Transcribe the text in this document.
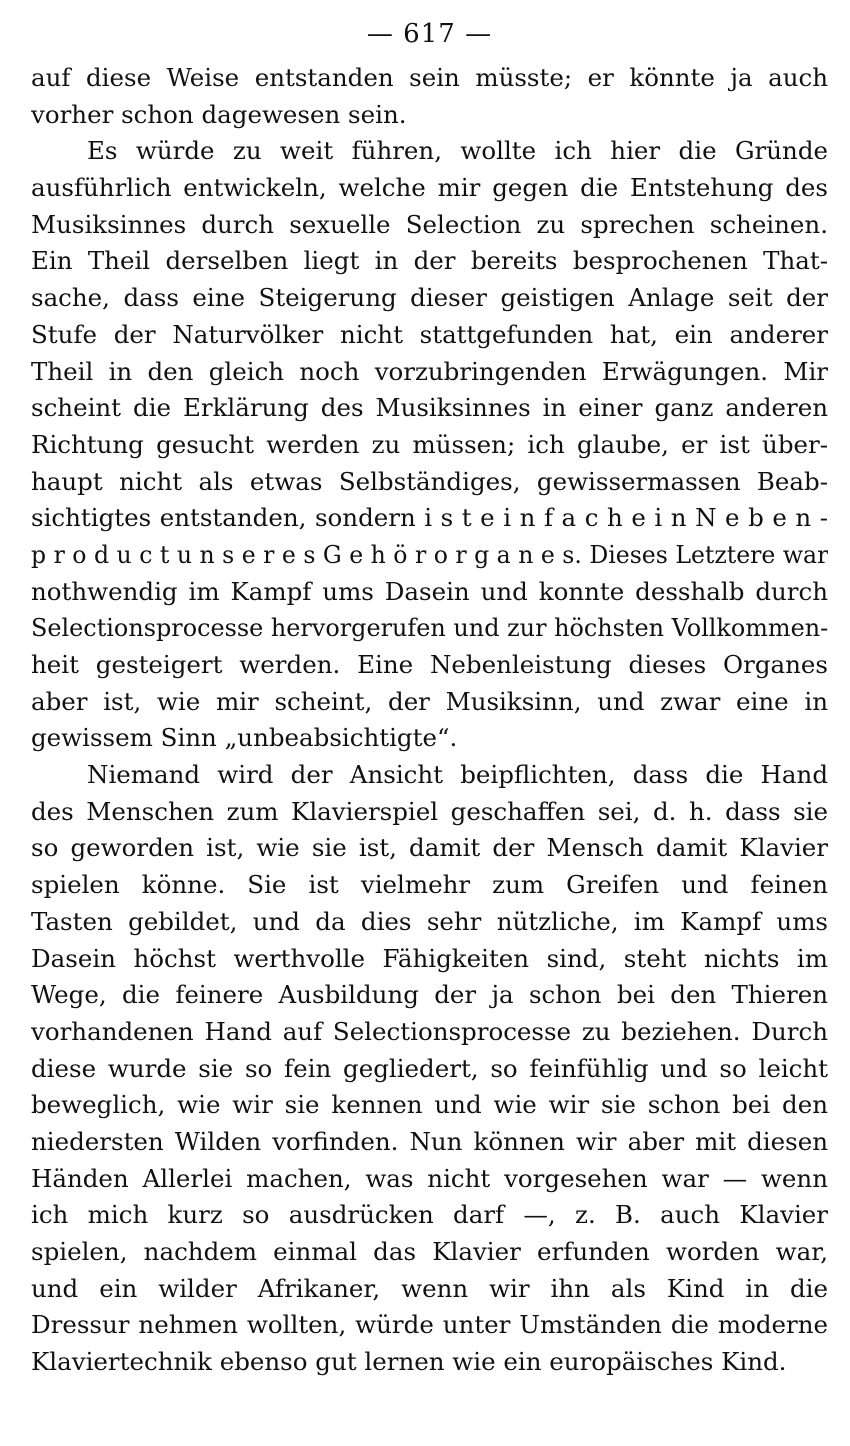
— 617 —
auf diese Weise entstanden sein müsste; er könnte ja auch
vorher schon dagewesen sein.
Es würde zu weit führen, wollte ich hier die Gründe
ausführlich entwickeln, welche mir gegen die Entstehung des
Musiksinnes durch sexuelle Selection zu sprechen scheinen.
Ein Theil derselben liegt in der bereits besprochenen That-
sache, dass eine Steigerung dieser geistigen Anlage seit der
Stufe der Naturvölker nicht stattgefunden hat, ein anderer
Theil in den gleich noch vorzubringenden Erwägungen. Mir
scheint die Erklärung des Musiksinnes in einer ganz anderen
Richtung gesucht werden zu müssen; ich glaube, er ist über-
haupt nicht als etwas Selbständiges, gewissermassen Beab-
sichtigtes entstanden, sondern i s t e i n f a c h e i n N e b e n -
p r o d u c t u n s e r e s G e h ö r o r g a n e s. Dieses Letztere war
nothwendig im Kampf ums Dasein und konnte desshalb durch
Selectionsprocesse hervorgerufen und zur höchsten Vollkommen-
heit gesteigert werden. Eine Nebenleistung dieses Organes
aber ist, wie mir scheint, der Musiksinn, und zwar eine in
gewissem Sinn „unbeabsichtigte“.
Niemand wird der Ansicht beipflichten, dass die Hand
des Menschen zum Klavierspiel geschaffen sei, d. h. dass sie
so geworden ist, wie sie ist, damit der Mensch damit Klavier
spielen könne. Sie ist vielmehr zum Greifen und feinen
Tasten gebildet, und da dies sehr nützliche, im Kampf ums
Dasein höchst werthvolle Fähigkeiten sind, steht nichts im
Wege, die feinere Ausbildung der ja schon bei den Thieren
vorhandenen Hand auf Selectionsprocesse zu beziehen. Durch
diese wurde sie so fein gegliedert, so feinfühlig und so leicht
beweglich, wie wir sie kennen und wie wir sie schon bei den
niedersten Wilden vorfinden. Nun können wir aber mit diesen
Händen Allerlei machen, was nicht vorgesehen war — wenn
ich mich kurz so ausdrücken darf —, z. B. auch Klavier
spielen, nachdem einmal das Klavier erfunden worden war,
und ein wilder Afrikaner, wenn wir ihn als Kind in die
Dressur nehmen wollten, würde unter Umständen die moderne
Klaviertechnik ebenso gut lernen wie ein europäisches Kind.
